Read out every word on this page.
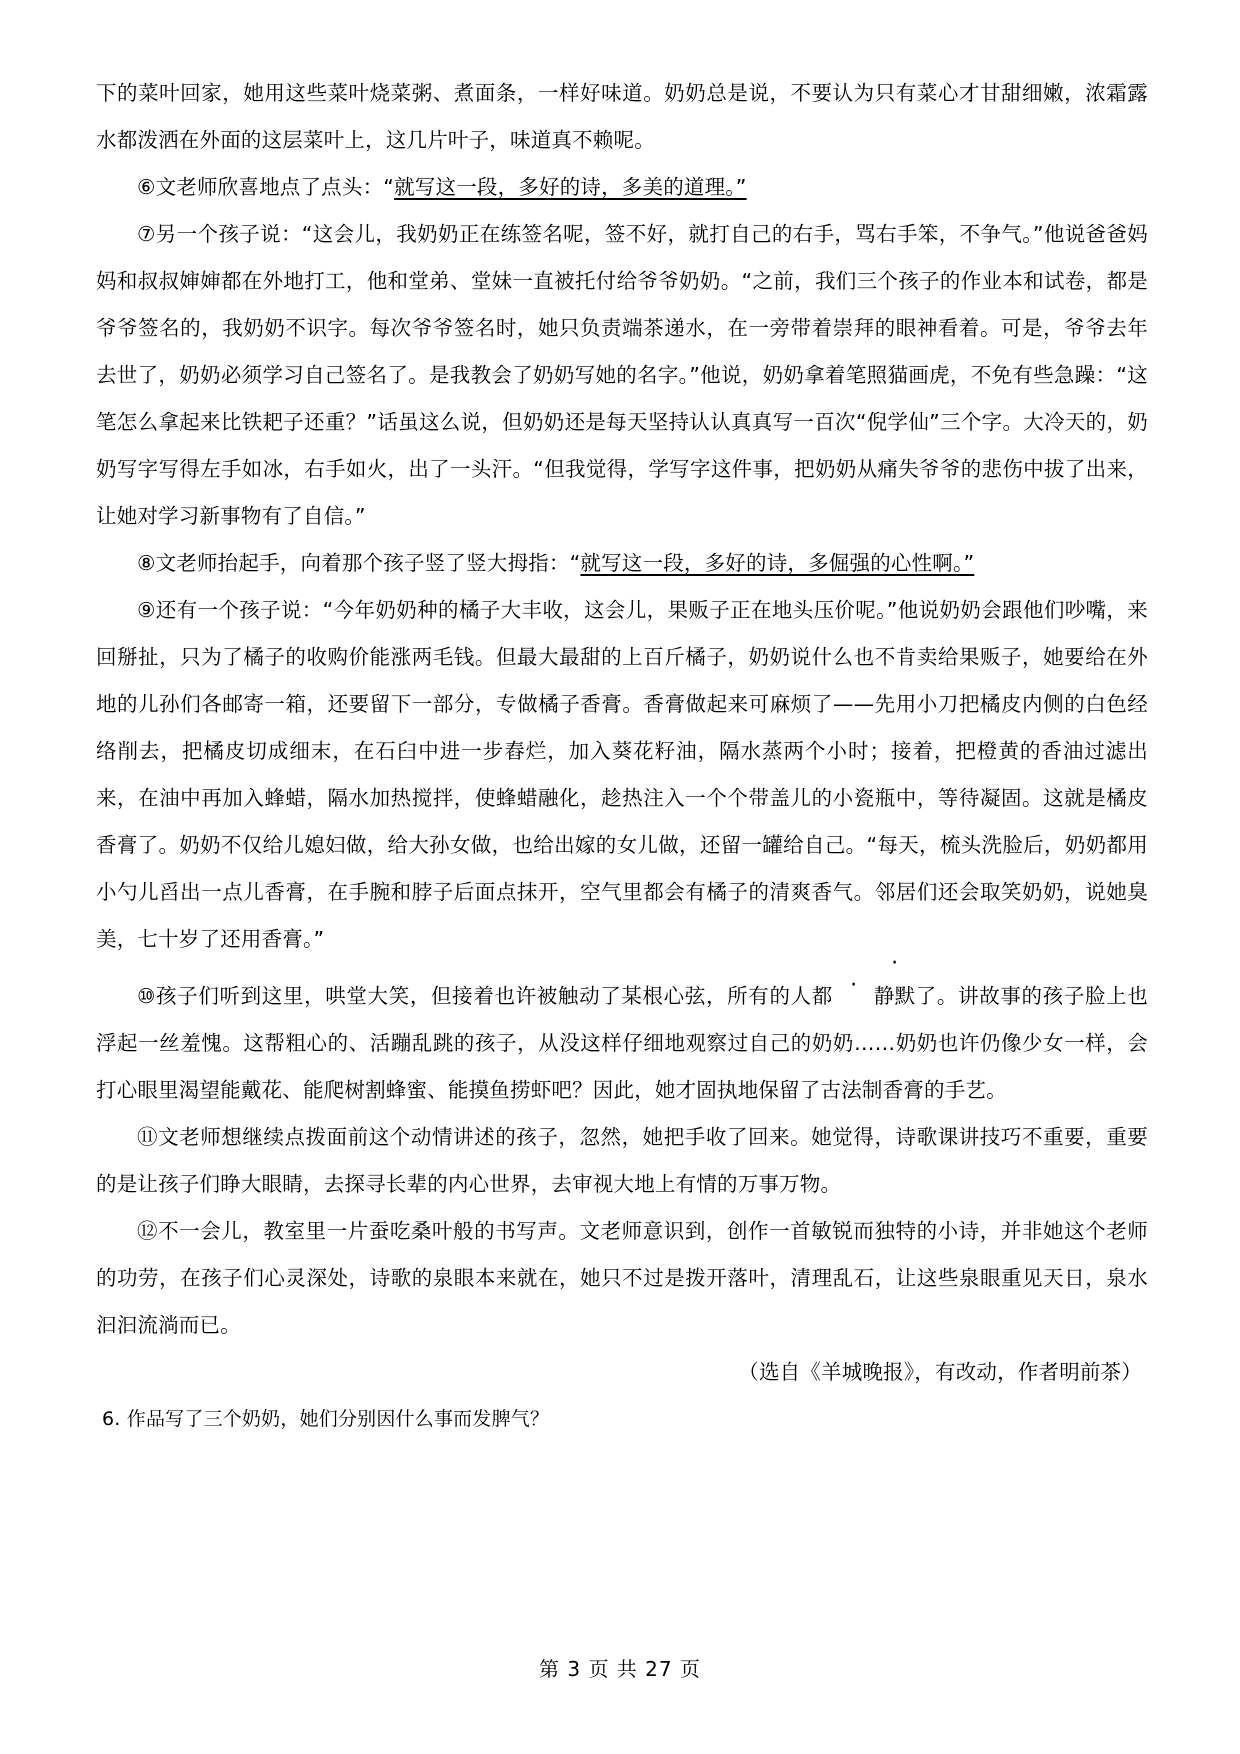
下的菜叶回家，她用这些菜叶烧菜粥、煮面条，一样好味道。奶奶总是说，不要认为只有菜心才甘甜细嫩，浓霜露水都泼洒在外面的这层菜叶上，这几片叶子，味道真不赖呢。

⑥文老师欣喜地点了点头：“就写这一段，多好的诗，多美的道理。”

⑦另一个孩子说：“这会儿，我奶奶正在练签名呢，签不好，就打自己的右手，骂右手笨，不争气。”他说爸爸妈妈和叔叔婶婶都在外地打工，他和堂弟、堂妹一直被托付给爷爷奶奶。“之前，我们三个孩子的作业本和试卷，都是爷爷签名的，我奶奶不识字。每次爷爷签名时，她只负责端茶递水，在一旁带着崇拜的眼神看着。可是，爷爷去年去世了，奶奶必须学习自己签名了。是我教会了奶奶写她的名字。”他说，奶奶拿着笔照猫画虎，不免有些急躁：“这笔怎么拿起来比铁耙子还重？”话虽这么说，但奶奶还是每天坚持认认真真写一百次“倪学仙”三个字。大冷天的，奶奶写字写得左手如冰，右手如火，出了一头汗。“但我觉得，学写字这件事，把奶奶从痛失爷爷的悲伤中拔了出来，让她对学习新事物有了自信。”

⑧文老师抬起手，向着那个孩子竖了竖大拇指：“就写这一段，多好的诗，多倔强的心性啊。”

⑨还有一个孩子说：“今年奶奶种的橘子大丰收，这会儿，果贩子正在地头压价呢。”他说奶奶会跟他们吵嘴，来回掰扯，只为了橘子的收购价能涨两毛钱。但最大最甜的上百斤橘子，奶奶说什么也不肯卖给果贩子，她要给在外地的儿孙们各邮寄一箱，还要留下一部分，专做橘子香膏。香膏做起来可麻烦了——先用小刀把橘皮内侧的白色经络削去，把橘皮切成细末，在石臼中进一步舂烂，加入葵花籽油，隔水蒸两个小时；接着，把橙黄的香油过滤出来，在油中再加入蜂蜡，隔水加热搅拌，使蜂蜡融化，趁热注入一个个带盖儿的小瓷瓶中，等待凝固。这就是橘皮香膏了。奶奶不仅给儿媳妇做，给大孙女做，也给出嫁的女儿做，还留一罐给自己。“每天，梳头洗脸后，奶奶都用小勺儿舀出一点儿香膏，在手腕和脖子后面点抹开，空气里都会有橘子的清爽香气。邻居们还会取笑奶奶，说她臭美，七十岁了还用香膏。”

⑩孩子们听到这里，哄堂大笑，但接着也许被触动了某根心弦，所有的人都 ·· 静默了。讲故事的孩子脸上也浮起一丝羞愧。这帮粗心的、活蹦乱跳的孩子，从没这样仔细地观察过自己的奶奶……奶奶也许仍像少女一样，会打心眼里渴望能戴花、能爬树割蜂蜜、能摸鱼捞虾吧？因此，她才固执地保留了古法制香膏的手艺。

⑪文老师想继续点拨面前这个动情讲述的孩子，忽然，她把手收了回来。她觉得，诗歌课讲技巧不重要，重要的是让孩子们睁大眼睛，去探寻长辈的内心世界，去审视大地上有情的万事万物。

⑫不一会儿，教室里一片蚕吃桑叶般的书写声。文老师意识到，创作一首敏锐而独特的小诗，并非她这个老师的功劳，在孩子们心灵深处，诗歌的泉眼本来就在，她只不过是拨开落叶，清理乱石，让这些泉眼重见天日，泉水汩汩流淌而已。

（选自《羊城晚报》，有改动，作者明前茶）

6. 作品写了三个奶奶，她们分别因什么事而发脾气？

第 3 页 共 27 页
